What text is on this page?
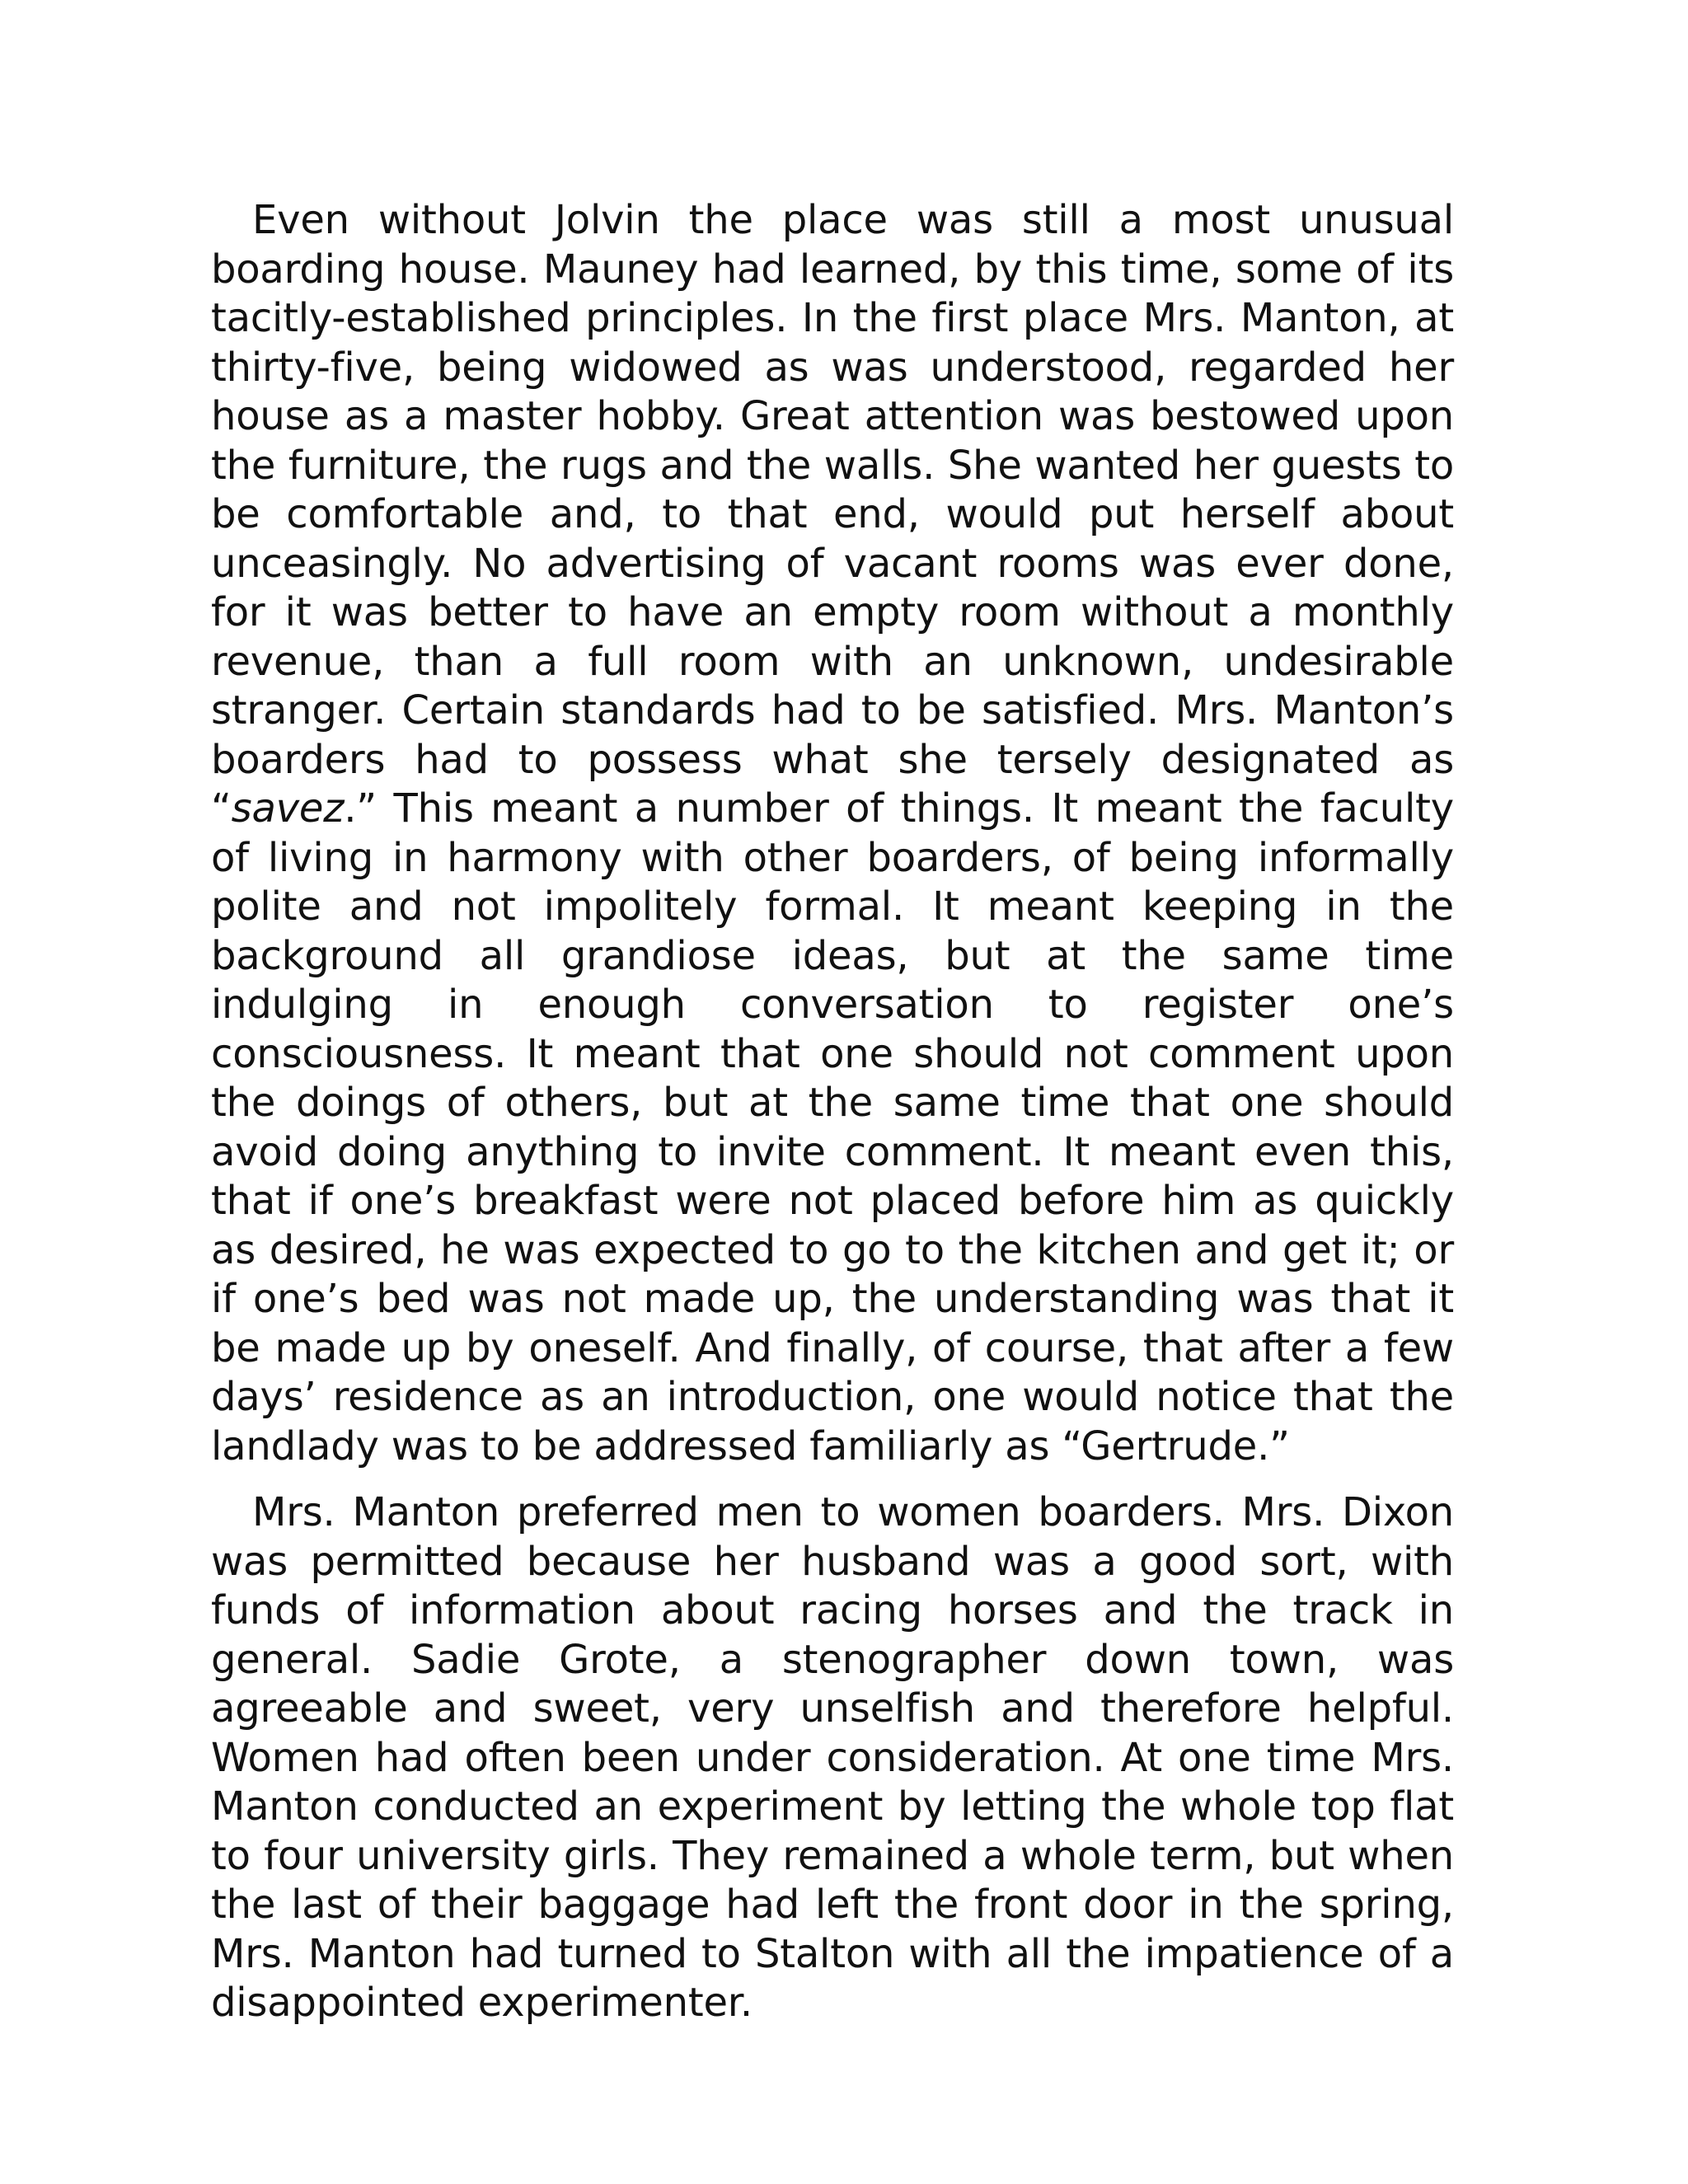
Even without Jolvin the place was still a most unusual boarding house. Mauney had learned, by this time, some of its tacitly-established principles. In the first place Mrs. Manton, at thirty-five, being widowed as was understood, regarded her house as a master hobby. Great attention was bestowed upon the furniture, the rugs and the walls. She wanted her guests to be comfortable and, to that end, would put herself about unceasingly. No advertising of vacant rooms was ever done, for it was better to have an empty room without a monthly revenue, than a full room with an unknown, undesirable stranger. Certain standards had to be satisfied. Mrs. Manton’s boarders had to possess what she tersely designated as “savez.” This meant a number of things. It meant the faculty of living in harmony with other boarders, of being informally polite and not impolitely formal. It meant keeping in the background all grandiose ideas, but at the same time indulging in enough conversation to register one’s consciousness. It meant that one should not comment upon the doings of others, but at the same time that one should avoid doing anything to invite comment. It meant even this, that if one’s breakfast were not placed before him as quickly as desired, he was expected to go to the kitchen and get it; or if one’s bed was not made up, the understanding was that it be made up by oneself. And finally, of course, that after a few days’ residence as an introduction, one would notice that the landlady was to be addressed familiarly as “Gertrude.”

Mrs. Manton preferred men to women boarders. Mrs. Dixon was permitted because her husband was a good sort, with funds of information about racing horses and the track in general. Sadie Grote, a stenographer down town, was agreeable and sweet, very unselfish and therefore helpful. Women had often been under consideration. At one time Mrs. Manton conducted an experiment by letting the whole top flat to four university girls. They remained a whole term, but when the last of their baggage had left the front door in the spring, Mrs. Manton had turned to Stalton with all the impatience of a disappointed experimenter.
